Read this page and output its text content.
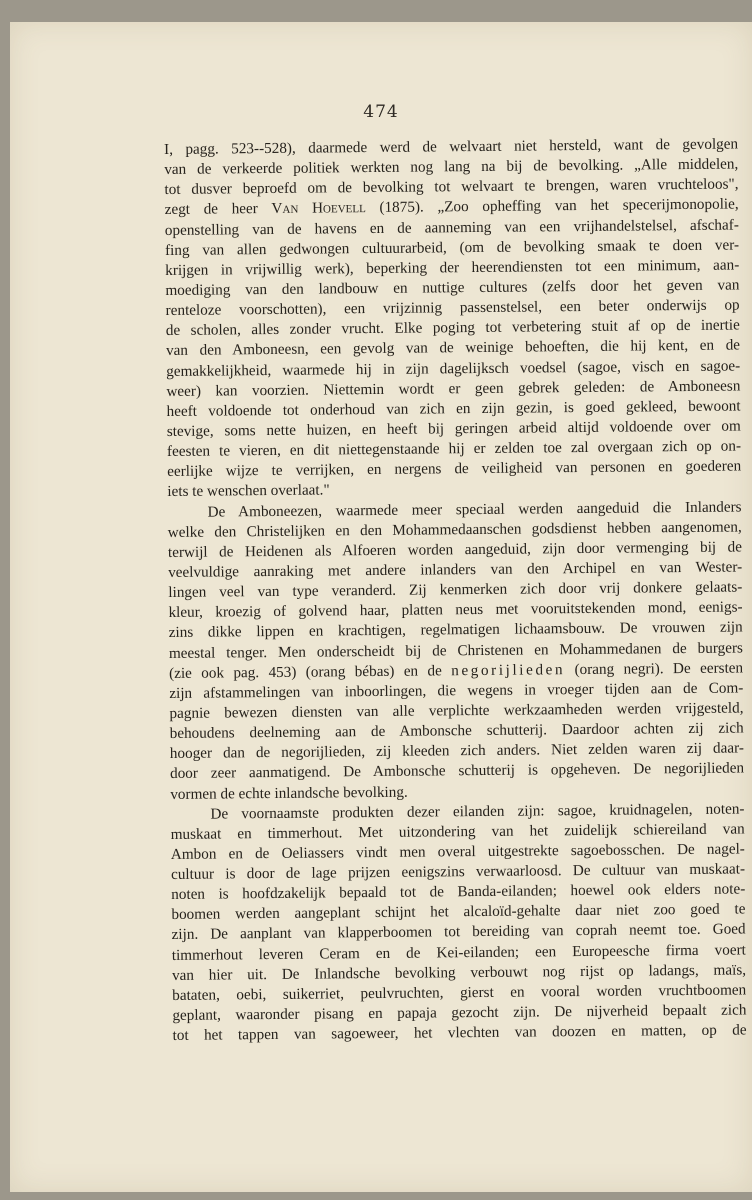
474
I, pagg. 523--528), daarmede werd de welvaart niet hersteld, want de gevolgen
van de verkeerde politiek werkten nog lang na bij de bevolking. „Alle middelen,
tot dusver beproefd om de bevolking tot welvaart te brengen, waren vruchteloos",
zegt de heer Van Hoevell (1875). „Zoo opheffing van het specerijmonopolie,
openstelling van de havens en de aanneming van een vrijhandelstelsel, afschaf-
fing van allen gedwongen cultuurarbeid, (om de bevolking smaak te doen ver-
krijgen in vrijwillig werk), beperking der heerendiensten tot een minimum, aan-
moediging van den landbouw en nuttige cultures (zelfs door het geven van
renteloze voorschotten), een vrijzinnig passenstelsel, een beter onderwijs op
de scholen, alles zonder vrucht. Elke poging tot verbetering stuit af op de inertie
van den Amboneesn, een gevolg van de weinige behoeften, die hij kent, en de
gemakkelijkheid, waarmede hij in zijn dagelijksch voedsel (sagoe, visch en sagoe-
weer) kan voorzien. Niettemin wordt er geen gebrek geleden: de Amboneesn
heeft voldoende tot onderhoud van zich en zijn gezin, is goed gekleed, bewoont
stevige, soms nette huizen, en heeft bij geringen arbeid altijd voldoende over om
feesten te vieren, en dit niettegenstaande hij er zelden toe zal overgaan zich op on-
eerlijke wijze te verrijken, en nergens de veiligheid van personen en goederen
iets te wenschen overlaat."
De Amboneezen, waarmede meer speciaal werden aangeduid die Inlanders
welke den Christelijken en den Mohammedaanschen godsdienst hebben aangenomen,
terwijl de Heidenen als Alfoeren worden aangeduid, zijn door vermenging bij de
veelvuldige aanraking met andere inlanders van den Archipel en van Wester-
lingen veel van type veranderd. Zij kenmerken zich door vrij donkere gelaats-
kleur, kroezig of golvend haar, platten neus met vooruitstekenden mond, eenigs-
zins dikke lippen en krachtigen, regelmatigen lichaamsbouw. De vrouwen zijn
meestal tenger. Men onderscheidt bij de Christenen en Mohammedanen de burgers
(zie ook pag. 453) (orang bébas) en de negorijlieden (orang negri). De eersten
zijn afstammelingen van inboorlingen, die wegens in vroeger tijden aan de Com-
pagnie bewezen diensten van alle verplichte werkzaamheden werden vrijgesteld,
behoudens deelneming aan de Ambonsche schutterij. Daardoor achten zij zich
hooger dan de negorijlieden, zij kleeden zich anders. Niet zelden waren zij daar-
door zeer aanmatigend. De Ambonsche schutterij is opgeheven. De negorijlieden
vormen de echte inlandsche bevolking.
De voornaamste produkten dezer eilanden zijn: sagoe, kruidnagelen, noten-
muskaat en timmerhout. Met uitzondering van het zuidelijk schiereiland van
Ambon en de Oeliassers vindt men overal uitgestrekte sagoebosschen. De nagel-
cultuur is door de lage prijzen eenigszins verwaarloosd. De cultuur van muskaat-
noten is hoofdzakelijk bepaald tot de Banda-eilanden; hoewel ook elders note-
boomen werden aangeplant schijnt het alcaloïd-gehalte daar niet zoo goed te
zijn. De aanplant van klapperboomen tot bereiding van coprah neemt toe. Goed
timmerhout leveren Ceram en de Kei-eilanden; een Europeesche firma voert
van hier uit. De Inlandsche bevolking verbouwt nog rijst op ladangs, maïs,
bataten, oebi, suikerriet, peulvruchten, gierst en vooral worden vruchtboomen
geplant, waaronder pisang en papaja gezocht zijn. De nijverheid bepaalt zich
tot het tappen van sagoeweer, het vlechten van doozen en matten, op de
